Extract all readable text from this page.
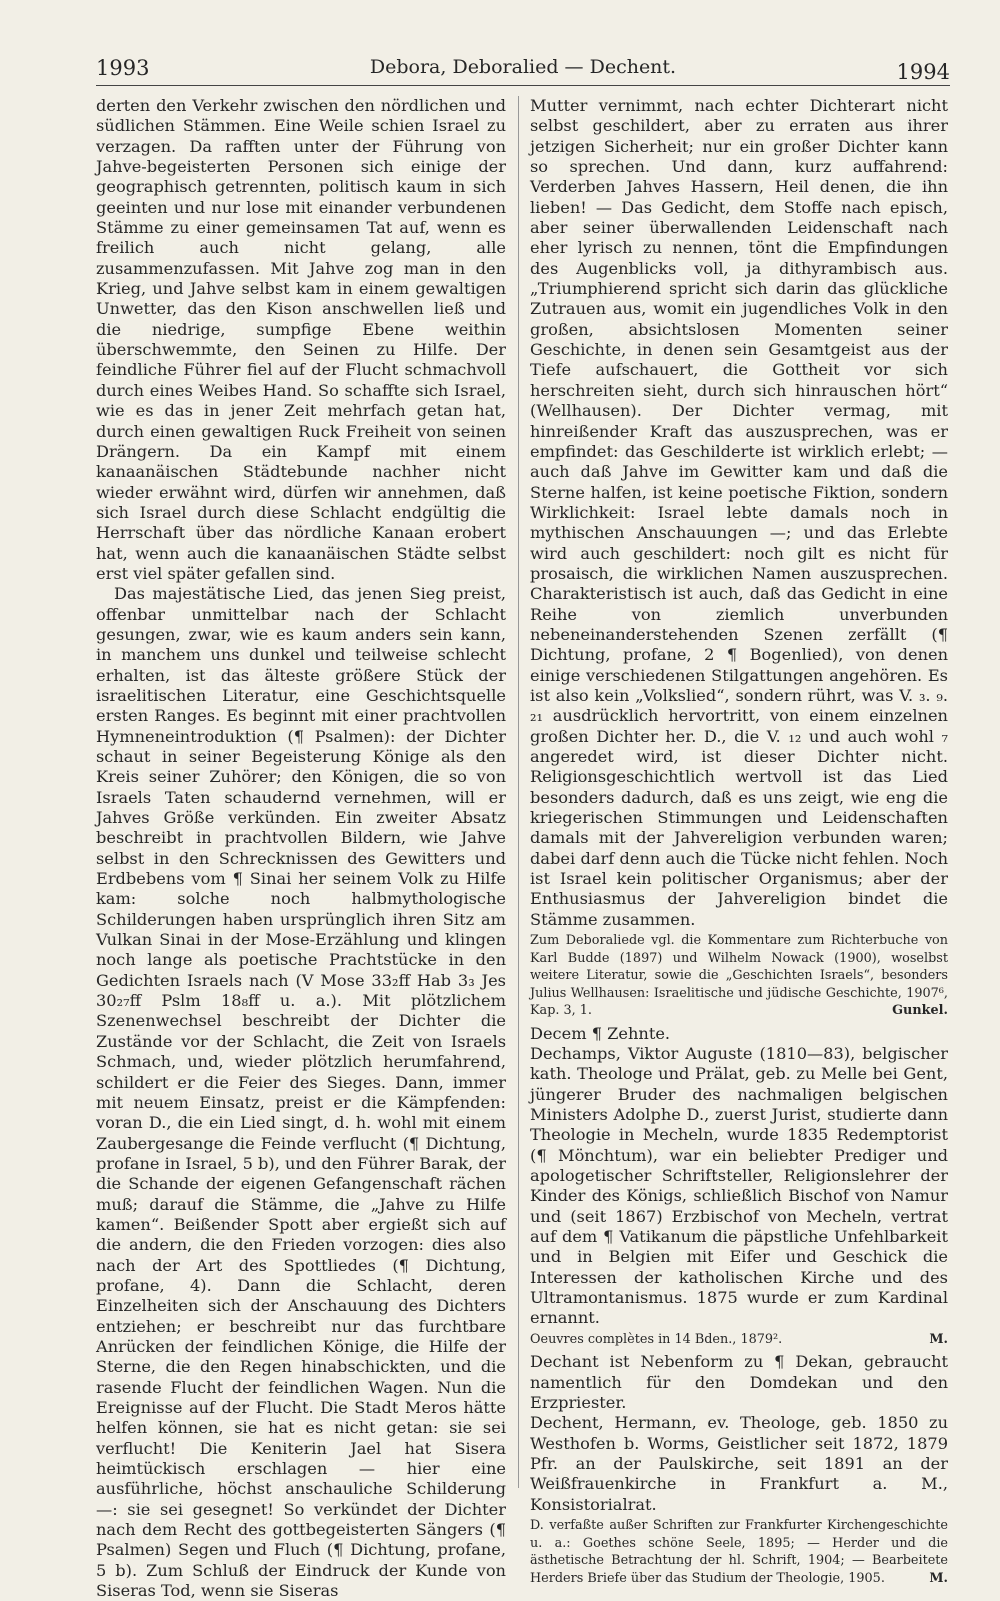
1993	Debora, Deboralied — Dechent.	1994

derten den Verkehr zwischen den nördlichen und südlichen Stämmen. Eine Weile schien Israel zu verzagen. Da rafften unter der Führung von Jahve-begeisterten Personen sich einige der geographisch getrennten, politisch kaum in sich geeinten und nur lose mit einander verbundenen Stämme zu einer gemeinsamen Tat auf, wenn es freilich auch nicht gelang, alle zusammenzufassen. Mit Jahve zog man in den Krieg, und Jahve selbst kam in einem gewaltigen Unwetter, das den Kison anschwellen ließ und die niedrige, sumpfige Ebene weithin überschwemmte, den Seinen zu Hilfe. Der feindliche Führer fiel auf der Flucht schmachvoll durch eines Weibes Hand. So schaffte sich Israel, wie es das in jener Zeit mehrfach getan hat, durch einen gewaltigen Ruck Freiheit von seinen Drängern. Da ein Kampf mit einem kanaanäischen Städtebunde nachher nicht wieder erwähnt wird, dürfen wir annehmen, daß sich Israel durch diese Schlacht endgültig die Herrschaft über das nördliche Kanaan erobert hat, wenn auch die kanaanäischen Städte selbst erst viel später gefallen sind.

Das majestätische Lied, das jenen Sieg preist, offenbar unmittelbar nach der Schlacht gesungen, zwar, wie es kaum anders sein kann, in manchem uns dunkel und teilweise schlecht erhalten, ist das älteste größere Stück der israelitischen Literatur, eine Geschichtsquelle ersten Ranges. Es beginnt mit einer prachtvollen Hymneneintroduktion (¶ Psalmen): der Dichter schaut in seiner Begeisterung Könige als den Kreis seiner Zuhörer; den Königen, die so von Israels Taten schaudernd vernehmen, will er Jahves Größe verkünden. Ein zweiter Absatz beschreibt in prachtvollen Bildern, wie Jahve selbst in den Schrecknissen des Gewitters und Erdbebens vom ¶ Sinai her seinem Volk zu Hilfe kam: solche noch halbmythologische Schilderungen haben ursprünglich ihren Sitz am Vulkan Sinai in der Mose-Erzählung und klingen noch lange als poetische Prachtstücke in den Gedichten Israels nach (V Mose 33₂ff Hab 3₃ Jes 30₂₇ff Pslm 18₈ff u. a.). Mit plötzlichem Szenenwechsel beschreibt der Dichter die Zustände vor der Schlacht, die Zeit von Israels Schmach, und, wieder plötzlich herumfahrend, schildert er die Feier des Sieges. Dann, immer mit neuem Einsatz, preist er die Kämpfenden: voran D., die ein Lied singt, d. h. wohl mit einem Zaubergesange die Feinde verflucht (¶ Dichtung, profane in Israel, 5 b), und den Führer Barak, der die Schande der eigenen Gefangenschaft rächen muß; darauf die Stämme, die „Jahve zu Hilfe kamen“. Beißender Spott aber ergießt sich auf die andern, die den Frieden vorzogen: dies also nach der Art des Spottliedes (¶ Dichtung, profane, 4). Dann die Schlacht, deren Einzelheiten sich der Anschauung des Dichters entziehen; er beschreibt nur das furchtbare Anrücken der feindlichen Könige, die Hilfe der Sterne, die den Regen hinabschickten, und die rasende Flucht der feindlichen Wagen. Nun die Ereignisse auf der Flucht. Die Stadt Meros hätte helfen können, sie hat es nicht getan: sie sei verflucht! Die Keniterin Jael hat Sisera heimtückisch erschlagen — hier eine ausführliche, höchst anschauliche Schilderung —: sie sei gesegnet! So verkündet der Dichter nach dem Recht des gottbegeisterten Sängers (¶ Psalmen) Segen und Fluch (¶ Dichtung, profane, 5 b). Zum Schluß der Eindruck der Kunde von Siseras Tod, wenn sie Siseras

Mutter vernimmt, nach echter Dichterart nicht selbst geschildert, aber zu erraten aus ihrer jetzigen Sicherheit; nur ein großer Dichter kann so sprechen. Und dann, kurz auffahrend: Verderben Jahves Hassern, Heil denen, die ihn lieben! — Das Gedicht, dem Stoffe nach episch, aber seiner überwallenden Leidenschaft nach eher lyrisch zu nennen, tönt die Empfindungen des Augenblicks voll, ja dithyrambisch aus. „Triumphierend spricht sich darin das glückliche Zutrauen aus, womit ein jugendliches Volk in den großen, absichtslosen Momenten seiner Geschichte, in denen sein Gesamtgeist aus der Tiefe aufschauert, die Gottheit vor sich herschreiten sieht, durch sich hinrauschen hört“ (Wellhausen). Der Dichter vermag, mit hinreißender Kraft das auszusprechen, was er empfindet: das Geschilderte ist wirklich erlebt; — auch daß Jahve im Gewitter kam und daß die Sterne halfen, ist keine poetische Fiktion, sondern Wirklichkeit: Israel lebte damals noch in mythischen Anschauungen —; und das Erlebte wird auch geschildert: noch gilt es nicht für prosaisch, die wirklichen Namen auszusprechen. Charakteristisch ist auch, daß das Gedicht in eine Reihe von ziemlich unverbunden nebeneinanderstehenden Szenen zerfällt (¶ Dichtung, profane, 2 ¶ Bogenlied), von denen einige verschiedenen Stilgattungen angehören. Es ist also kein „Volkslied“, sondern rührt, was V. ₃. ₉. ₂₁ ausdrücklich hervortritt, von einem einzelnen großen Dichter her. D., die V. ₁₂ und auch wohl ₇ angeredet wird, ist dieser Dichter nicht. Religionsgeschichtlich wertvoll ist das Lied besonders dadurch, daß es uns zeigt, wie eng die kriegerischen Stimmungen und Leidenschaften damals mit der Jahvereligion verbunden waren; dabei darf denn auch die Tücke nicht fehlen. Noch ist Israel kein politischer Organismus; aber der Enthusiasmus der Jahvereligion bindet die Stämme zusammen.

Zum Deboraliede vgl. die Kommentare zum Richterbuche von Karl Budde (1897) und Wilhelm Nowack (1900), woselbst weitere Literatur, sowie die „Geschichten Israels“, besonders Julius Wellhausen: Israelitische und jüdische Geschichte, 1907⁶, Kap. 3, 1.	Gunkel.

Decem ¶ Zehnte.

Dechamps, Viktor Auguste (1810—83), belgischer kath. Theologe und Prälat, geb. zu Melle bei Gent, jüngerer Bruder des nachmaligen belgischen Ministers Adolphe D., zuerst Jurist, studierte dann Theologie in Mecheln, wurde 1835 Redemptorist (¶ Mönchtum), war ein beliebter Prediger und apologetischer Schriftsteller, Religionslehrer der Kinder des Königs, schließlich Bischof von Namur und (seit 1867) Erzbischof von Mecheln, vertrat auf dem ¶ Vatikanum die päpstliche Unfehlbarkeit und in Belgien mit Eifer und Geschick die Interessen der katholischen Kirche und des Ultramontanismus. 1875 wurde er zum Kardinal ernannt.

Oeuvres complètes in 14 Bden., 1879².	M.

Dechant ist Nebenform zu ¶ Dekan, gebraucht namentlich für den Domdekan und den Erzpriester.

Dechent, Hermann, ev. Theologe, geb. 1850 zu Westhofen b. Worms, Geistlicher seit 1872, 1879 Pfr. an der Paulskirche, seit 1891 an der Weißfrauenkirche in Frankfurt a. M., Konsistorialrat.

D. verfaßte außer Schriften zur Frankfurter Kirchengeschichte u. a.: Goethes schöne Seele, 1895; — Herder und die ästhetische Betrachtung der hl. Schrift, 1904; — Bearbeitete Herders Briefe über das Studium der Theologie, 1905.	M.
